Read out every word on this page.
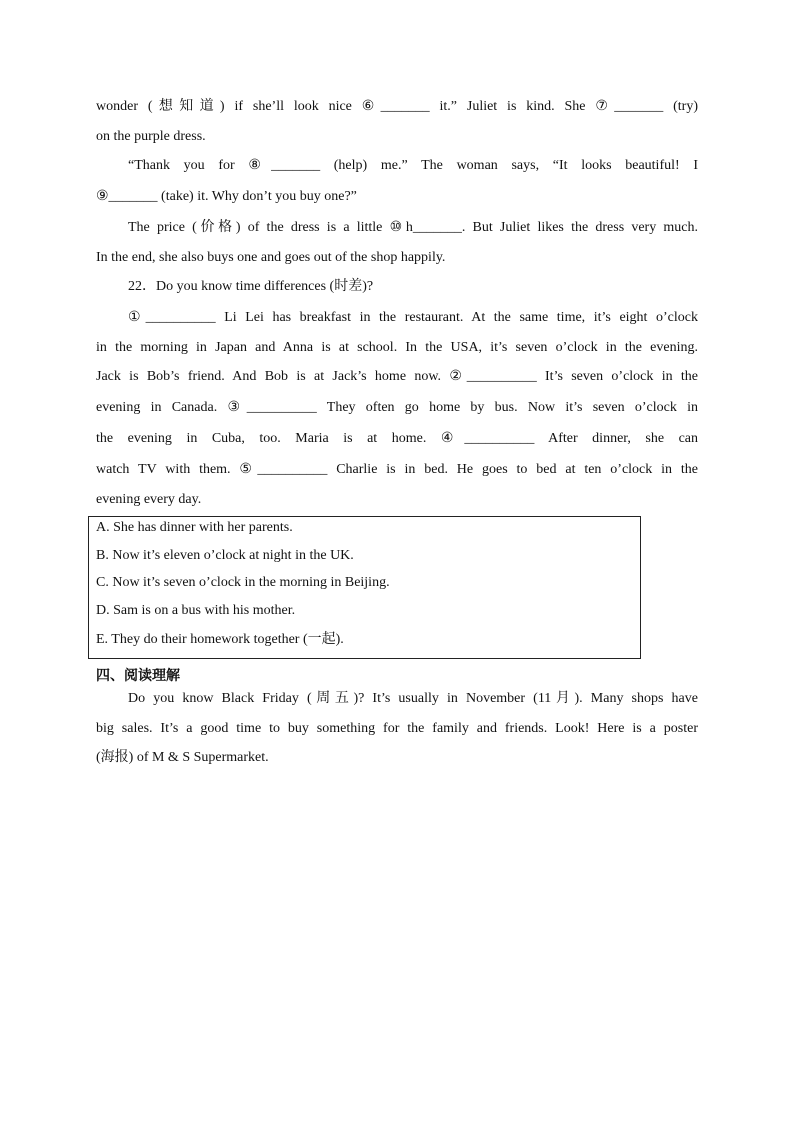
wonder (想知道) if she’ll look nice ⑥_______ it.” Juliet is kind. She ⑦_______ (try)
on the purple dress.
“Thank you for ⑧_______ (help) me.” The woman says, “It looks beautiful! I
⑨_______ (take) it. Why don’t you buy one?”
The price (价格) of the dress is a little ⑩h_______. But Juliet likes the dress very much.
In the end, she also buys one and goes out of the shop happily.
22．Do you know time differences (时差)?
①__________ Li Lei has breakfast in the restaurant. At the same time, it’s eight o’clock
in the morning in Japan and Anna is at school. In the USA, it’s seven o’clock in the evening.
Jack is Bob’s friend. And Bob is at Jack’s home now. ②__________ It’s seven o’clock in the
evening in Canada. ③__________ They often go home by bus. Now it’s seven o’clock in
the evening in Cuba, too. Maria is at home. ④__________ After dinner, she can
watch TV with them. ⑤__________ Charlie is in bed. He goes to bed at ten o’clock in the
evening every day.
A. She has dinner with her parents.
B. Now it’s eleven o’clock at night in the UK.
C. Now it’s seven o’clock in the morning in Beijing.
D. Sam is on a bus with his mother.
E. They do their homework together (一起).
四、阅读理解
Do you know Black Friday (周五)? It’s usually in November (11月). Many shops have
big sales. It’s a good time to buy something for the family and friends. Look! Here is a poster
(海报) of M & S Supermarket.
